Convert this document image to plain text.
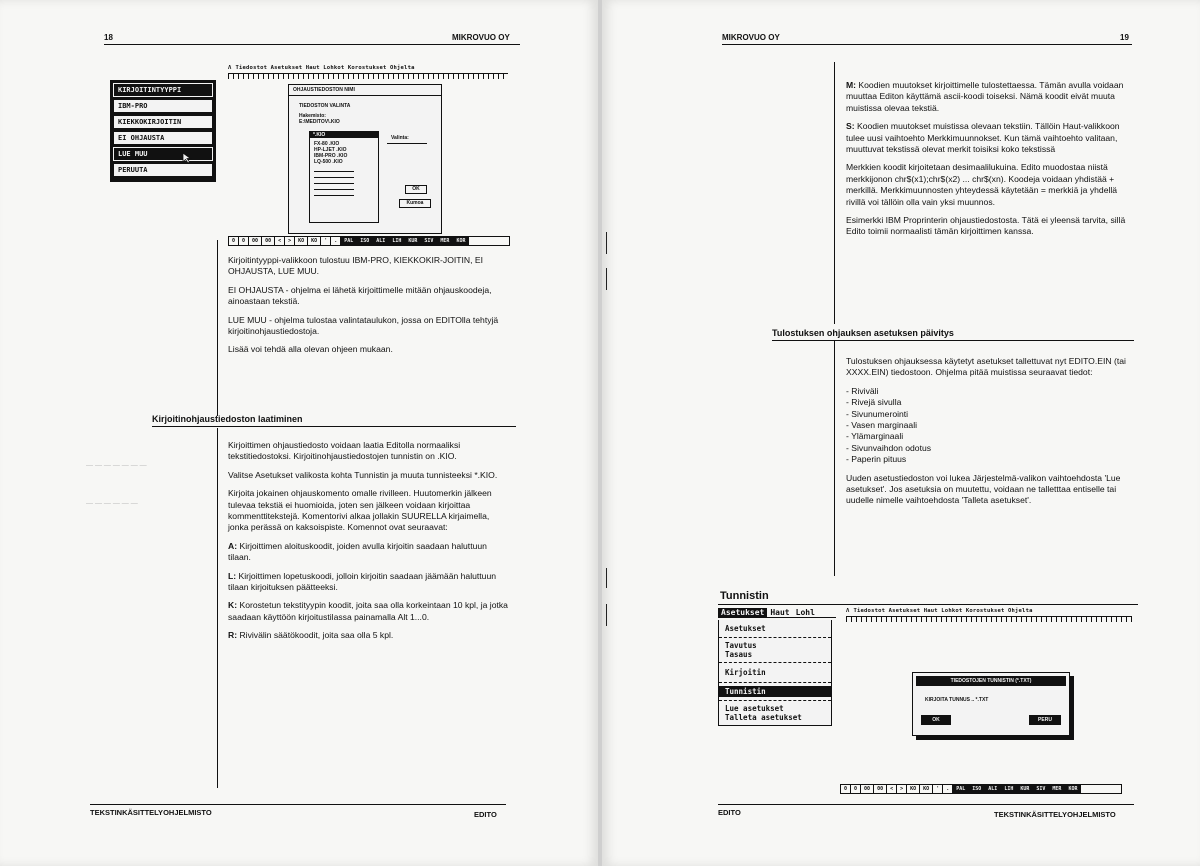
18	MIKROVUO OY
— — — — — — —
— — — — — —
KIRJOITINTYYPPI
IBM-PRO
KIEKKOKIRJOITIN
EI OHJAUSTA
LUE MUU
PERUUTA
Λ Tiedostot Asetukset Haut Lohkot Korostukset Ohjelta
OHJAUSTIEDOSTON NIMI
TIEDOSTON VALINTA
Hakemisto:
E:\MEDITOV\.KIO
*.KIO
FX-80 .KIO
HP-LJET .KIO
IBM-PRO .KIO
LQ-500 .KIO
Valinta:
OK
Kumoa
0	0	00	00	<	>	KO	KO	'	.	PAL	ISO	ALI	LIH	KUR	SIV	MER	KOR

Kirjoitintyyppi-valikkoon tulostuu IBM-PRO, KIEKKOKIR-JOITIN, EI OHJAUSTA, LUE MUU.

EI OHJAUSTA - ohjelma ei lähetä kirjoittimelle mitään ohjauskoodeja, ainoastaan tekstiä.

LUE MUU - ohjelma tulostaa valintataulukon, jossa on EDITOlla tehtyjä kirjoitinohjaustiedostoja.

Lisää voi tehdä alla olevan ohjeen mukaan.

Kirjoitinohjaustiedoston laatiminen

Kirjoittimen ohjaustiedosto voidaan laatia Editolla normaaliksi tekstitiedostoksi. Kirjoitinohjaustiedostojen tunnistin on .KIO.

Valitse Asetukset valikosta kohta Tunnistin ja muuta tunnisteeksi *.KIO.

Kirjoita jokainen ohjauskomento omalle rivilleen. Huutomerkin jälkeen tulevaa tekstiä ei huomioida, joten sen jälkeen voidaan kirjoittaa kommenttitekstejä. Komentorivi alkaa jollakin SUURELLA kirjaimella, jonka perässä on kaksoispiste. Komennot ovat seuraavat:

A: Kirjoittimen aloituskoodit, joiden avulla kirjoitin saadaan haluttuun tilaan.

L: Kirjoittimen lopetuskoodi, jolloin kirjoitin saadaan jäämään haluttuun tilaan kirjoituksen päätteeksi.

K: Korostetun tekstityypin koodit, joita saa olla korkeintaan 10 kpl, ja jotka saadaan käyttöön kirjoitustilassa painamalla Alt 1...0.

R: Rivivälin säätökoodit, joita saa olla 5 kpl.

TEKSTINKÄSITTELYOHJELMISTO	EDITO
MIKROVUO OY	19

M: Koodien muutokset kirjoittimelle tulostettaessa. Tämän avulla voidaan muuttaa Editon käyttämä ascii-koodi toiseksi. Nämä koodit eivät muuta muistissa olevaa tekstiä.

S: Koodien muutokset muistissa olevaan tekstiin. Tällöin Haut-valikkoon tulee uusi vaihtoehto Merkkimuunnokset. Kun tämä vaihtoehto valitaan, muuttuvat tekstissä olevat merkit toisiksi koko tekstissä

Merkkien koodit kirjoitetaan desimaalilukuina. Edito muodostaa niistä merkkijonon chr$(x1);chr$(x2) ... chr$(xn). Koodeja voidaan yhdistää + merkillä. Merkkimuunnosten yhteydessä käytetään = merkkiä ja yhdellä rivillä voi tällöin olla vain yksi muunnos.

Esimerkki IBM Proprinterin ohjaustiedostosta. Tätä ei yleensä tarvita, sillä Edito toimii normaalisti tämän kirjoittimen kanssa.

Tulostuksen ohjauksen asetuksen päivitys

Tulostuksen ohjauksessa käytetyt asetukset tallettuvat nyt EDITO.EIN (tai XXXX.EIN) tiedostoon. Ohjelma pitää muistissa seuraavat tiedot:

- Riviväli
- Rivejä sivulla
- Sivunumerointi
- Vasen marginaali
- Ylämarginaali
- Sivunvaihdon odotus
- Paperin pituus

Uuden asetustiedoston voi lukea Järjestelmä-valikon vaihtoehdosta 'Lue asetukset'. Jos asetuksia on muutettu, voidaan ne talletttaa entiselle tai uudelle nimelle vaihtoehdosta 'Talleta asetukset'.

Tunnistin
Asetukset Haut Lohl
Asetukset
Tavutus
Tasaus
Kirjoitin
Tunnistin
Lue asetukset
Talleta asetukset
Λ Tiedostot Asetukset Haut Lohkot Korostukset Ohjelta
TIEDOSTOJEN TUNNISTIN (*.TXT)
KIRJOITA TUNNUS .. *.TXT
OK	PERU
0	0	00	00	<	>	KO	KO	'	.	PAL	ISO	ALI	LIH	KUR	SIV	MER	KOR
EDITO	TEKSTINKÄSITTELYOHJELMISTO
